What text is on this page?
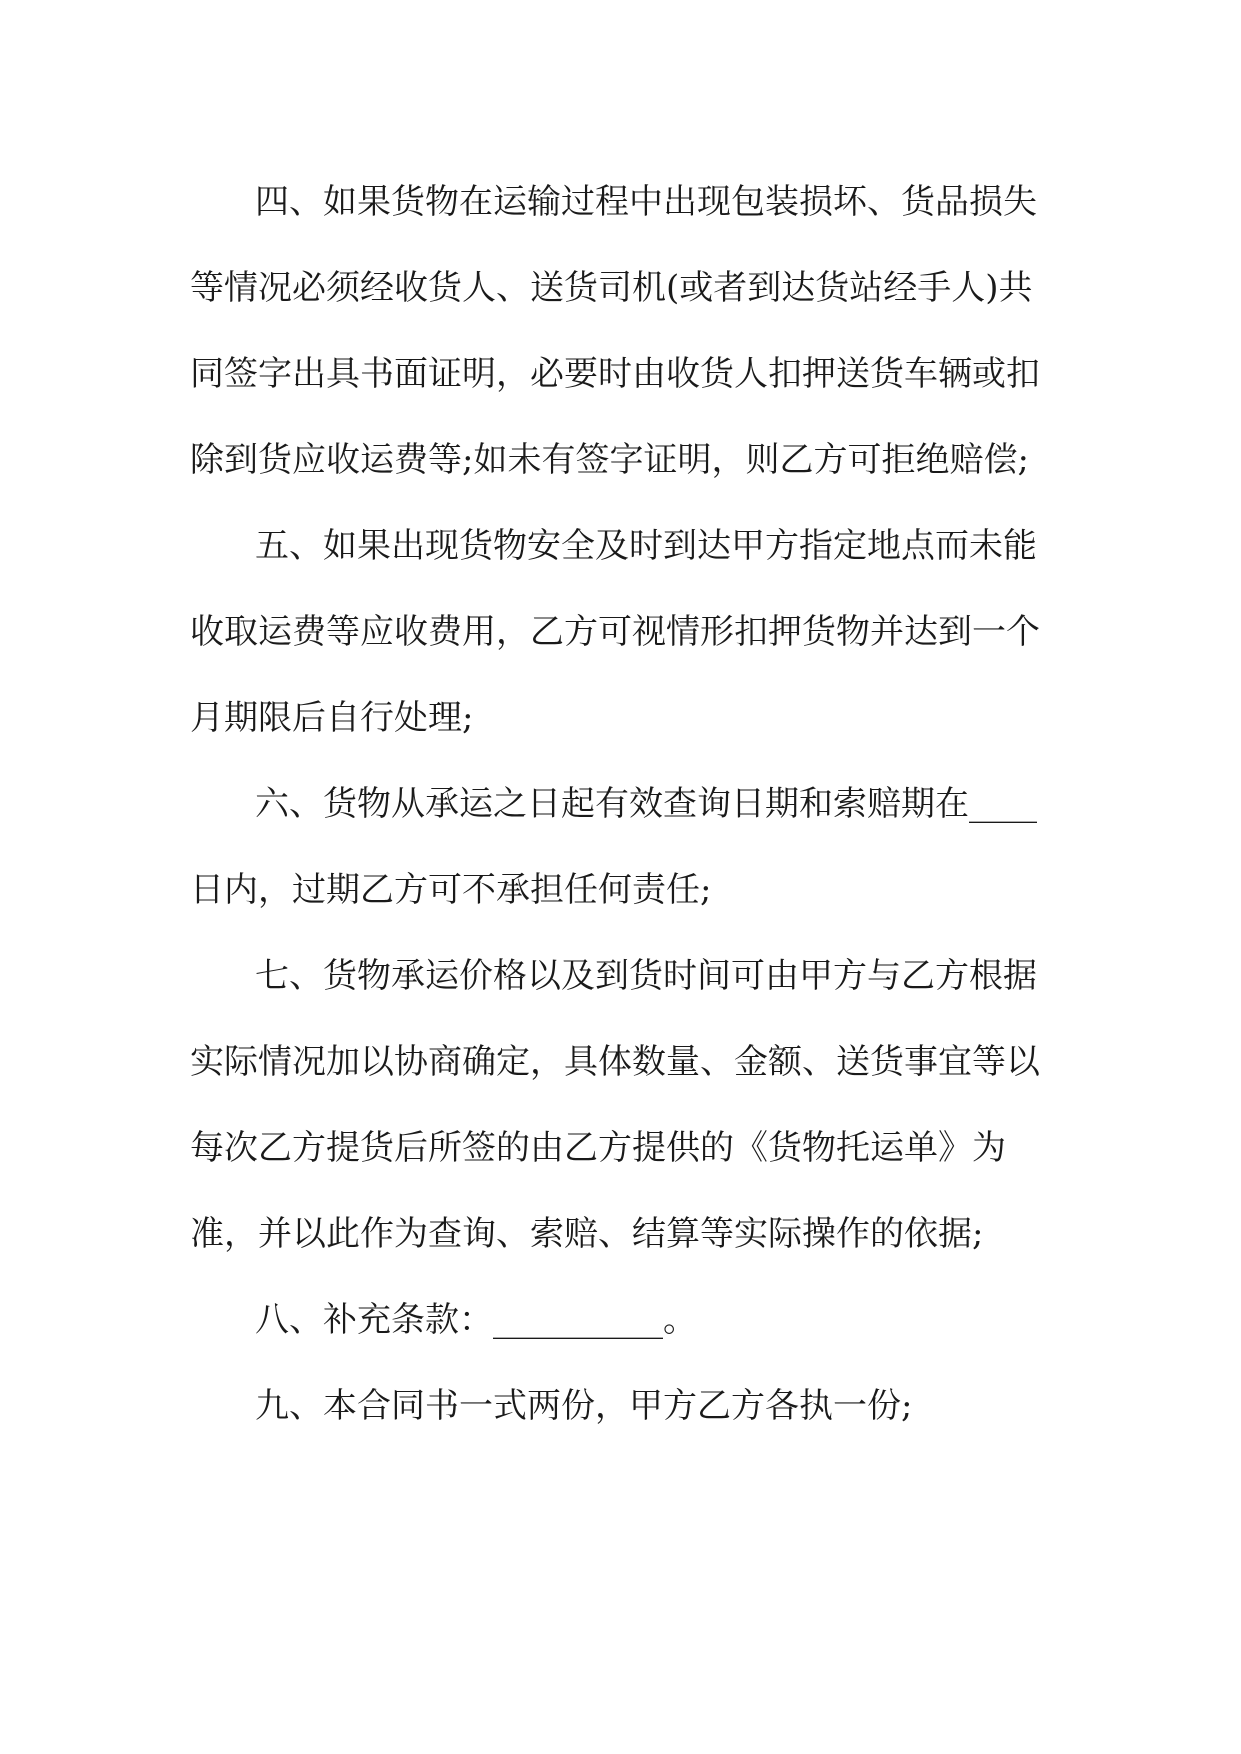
四、如果货物在运输过程中出现包装损坏、货品损失

等情况必须经收货人、送货司机(或者到达货站经手人)共

同签字出具书面证明，必要时由收货人扣押送货车辆或扣

除到货应收运费等;如未有签字证明，则乙方可拒绝赔偿;

五、如果出现货物安全及时到达甲方指定地点而未能

收取运费等应收费用，乙方可视情形扣押货物并达到一个

月期限后自行处理;

六、货物从承运之日起有效查询日期和索赔期在____

日内，过期乙方可不承担任何责任;

七、货物承运价格以及到货时间可由甲方与乙方根据

实际情况加以协商确定，具体数量、金额、送货事宜等以

每次乙方提货后所签的由乙方提供的《货物托运单》为

准，并以此作为查询、索赔、结算等实际操作的依据;

八、补充条款：__________。

九、本合同书一式两份，甲方乙方各执一份;
